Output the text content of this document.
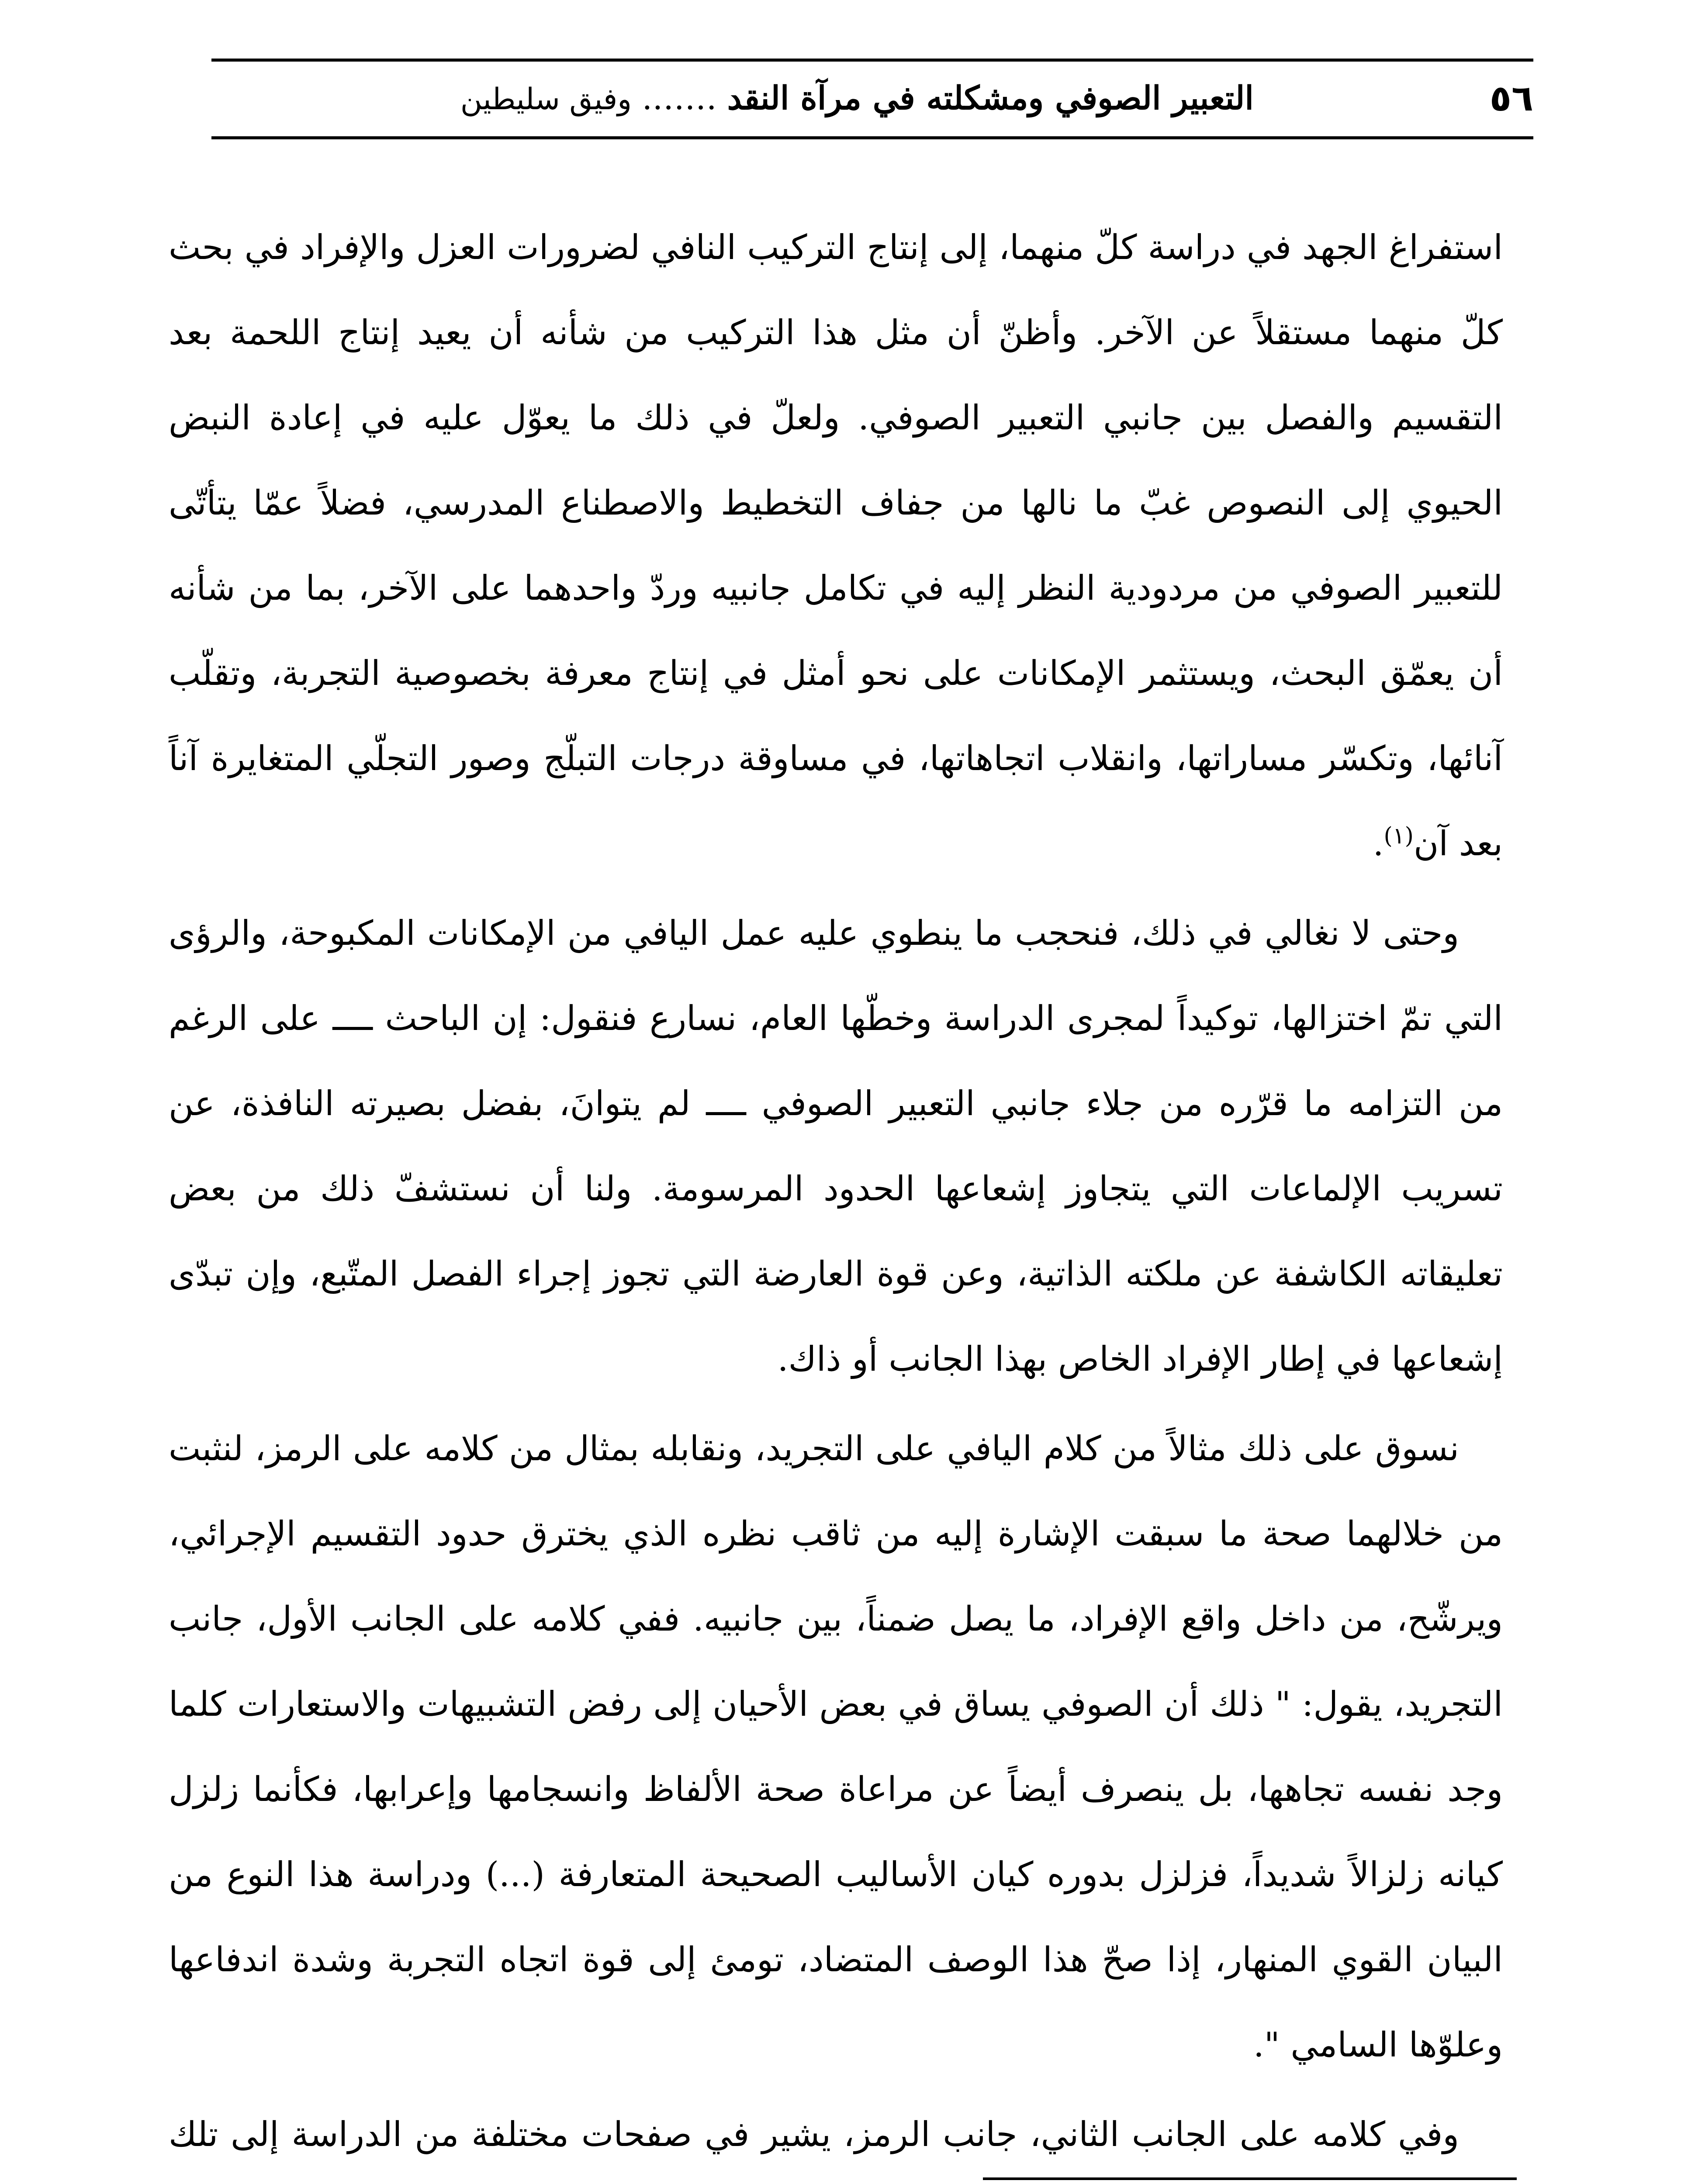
٥٦
التعبير الصوفي ومشكلته في مرآة النقد ……. وفيق سليطين

استفراغ الجهد في دراسة كلّ منهما، إلى إنتاج التركيب النافي لضرورات العزل والإفراد في بحث كلّ منهما مستقلاً عن الآخر. وأظنّ أن مثل هذا التركيب من شأنه أن يعيد إنتاج اللحمة بعد التقسيم والفصل بين جانبي التعبير الصوفي. ولعلّ في ذلك ما يعوّل عليه في إعادة النبض الحيوي إلى النصوص غبّ ما نالها من جفاف التخطيط والاصطناع المدرسي، فضلاً عمّا يتأتّى للتعبير الصوفي من مردودية النظر إليه في تكامل جانبيه وردّ واحدهما على الآخر، بما من شأنه أن يعمّق البحث، ويستثمر الإمكانات على نحو أمثل في إنتاج معرفة بخصوصية التجربة، وتقلّب آنائها، وتكسّر مساراتها، وانقلاب اتجاهاتها، في مساوقة درجات التبلّج وصور التجلّي المتغايرة آناً بعد آن$^{(١)}$.

وحتى لا نغالي في ذلك، فنحجب ما ينطوي عليه عمل اليافي من الإمكانات المكبوحة، والرؤى التي تمّ اختزالها، توكيداً لمجرى الدراسة وخطّها العام، نسارع فنقول: إن الباحث ــــ على الرغم من التزامه ما قرّره من جلاء جانبي التعبير الصوفي ــــ لم يتوانَ، بفضل بصيرته النافذة، عن تسريب الإلماعات التي يتجاوز إشعاعها الحدود المرسومة. ولنا أن نستشفّ ذلك من بعض تعليقاته الكاشفة عن ملكته الذاتية، وعن قوة العارضة التي تجوز إجراء الفصل المتّبع، وإن تبدّى إشعاعها في إطار الإفراد الخاص بهذا الجانب أو ذاك.

نسوق على ذلك مثالاً من كلام اليافي على التجريد، ونقابله بمثال من كلامه على الرمز، لنثبت من خلالهما صحة ما سبقت الإشارة إليه من ثاقب نظره الذي يخترق حدود التقسيم الإجرائي، ويرشّح، من داخل واقع الإفراد، ما يصل ضمناً، بين جانبيه. ففي كلامه على الجانب الأول، جانب التجريد، يقول: " ذلك أن الصوفي يساق في بعض الأحيان إلى رفض التشبيهات والاستعارات كلما وجد نفسه تجاهها، بل ينصرف أيضاً عن مراعاة صحة الألفاظ وانسجامها وإعرابها، فكأنما زلزل كيانه زلزالاً شديداً، فزلزل بدوره كيان الأساليب الصحيحة المتعارفة (...) ودراسة هذا النوع من البيان القوي المنهار، إذا صحّ هذا الوصف المتضاد، تومئ إلى قوة اتجاه التجربة وشدة اندفاعها وعلوّها السامي ".

وفي كلامه على الجانب الثاني، جانب الرمز، يشير في صفحات مختلفة من الدراسة إلى تلك
